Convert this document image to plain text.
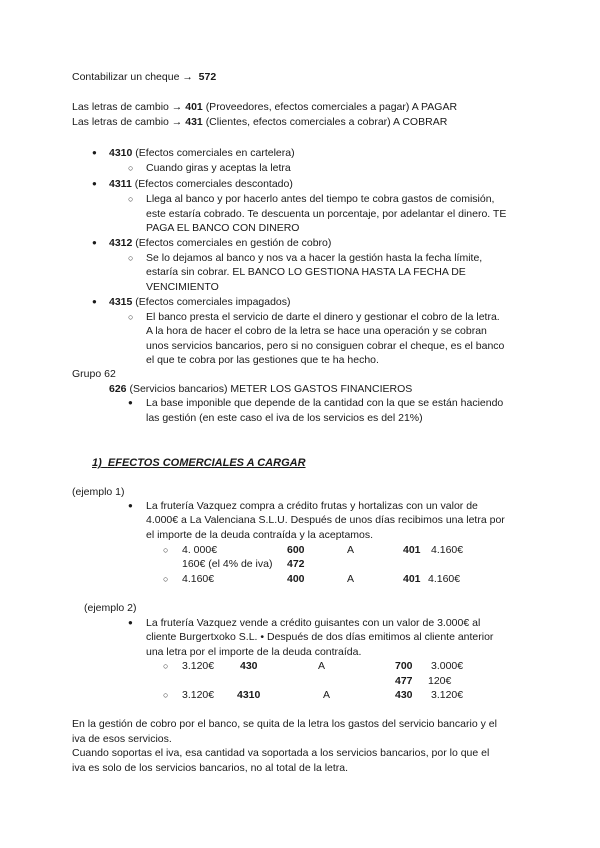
Contabilizar un cheque → 572
Las letras de cambio → 401 (Proveedores, efectos comerciales a pagar) A PAGAR
Las letras de cambio → 431 (Clientes, efectos comerciales a cobrar) A COBRAR
● 4310 (Efectos comerciales en cartelera)
○ Cuando giras y aceptas la letra
● 4311 (Efectos comerciales descontado)
○ Llega al banco y por hacerlo antes del tiempo te cobra gastos de comisión,
este estaría cobrado. Te descuenta un porcentaje, por adelantar el dinero. TE
PAGA EL BANCO CON DINERO
● 4312 (Efectos comerciales en gestión de cobro)
○ Se lo dejamos al banco y nos va a hacer la gestión hasta la fecha límite,
estaría sin cobrar. EL BANCO LO GESTIONA HASTA LA FECHA DE
VENCIMIENTO
● 4315 (Efectos comerciales impagados)
○ El banco presta el servicio de darte el dinero y gestionar el cobro de la letra.
A la hora de hacer el cobro de la letra se hace una operación y se cobran
unos servicios bancarios, pero si no consiguen cobrar el cheque, es el banco
el que te cobra por las gestiones que te ha hecho.
Grupo 62
626 (Servicios bancarios) METER LOS GASTOS FINANCIEROS
● La base imponible que depende de la cantidad con la que se están haciendo
las gestión (en este caso el iva de los servicios es del 21%)
1) EFECTOS COMERCIALES A CARGAR
(ejemplo 1)
● La frutería Vazquez compra a crédito frutas y hortalizas con un valor de
4.000€ a La Valenciana S.L.U. Después de unos días recibimos una letra por
el importe de la deuda contraída y la aceptamos.
○ 4. 000€	600	A	401 4.160€
160€ (el 4% de iva) 472
○ 4.160€	400	A	401 4.160€
(ejemplo 2)
● La frutería Vazquez vende a crédito guisantes con un valor de 3.000€ al
cliente Burgertxoko S.L. • Después de dos días emitimos al cliente anterior
una letra por el importe de la deuda contraída.
○ 3.120€ 430	A	700 3.000€
477 120€
○ 3.120€ 4310	A	430 3.120€
En la gestión de cobro por el banco, se quita de la letra los gastos del servicio bancario y el
iva de esos servicios.
Cuando soportas el iva, esa cantidad va soportada a los servicios bancarios, por lo que el
iva es solo de los servicios bancarios, no al total de la letra.
